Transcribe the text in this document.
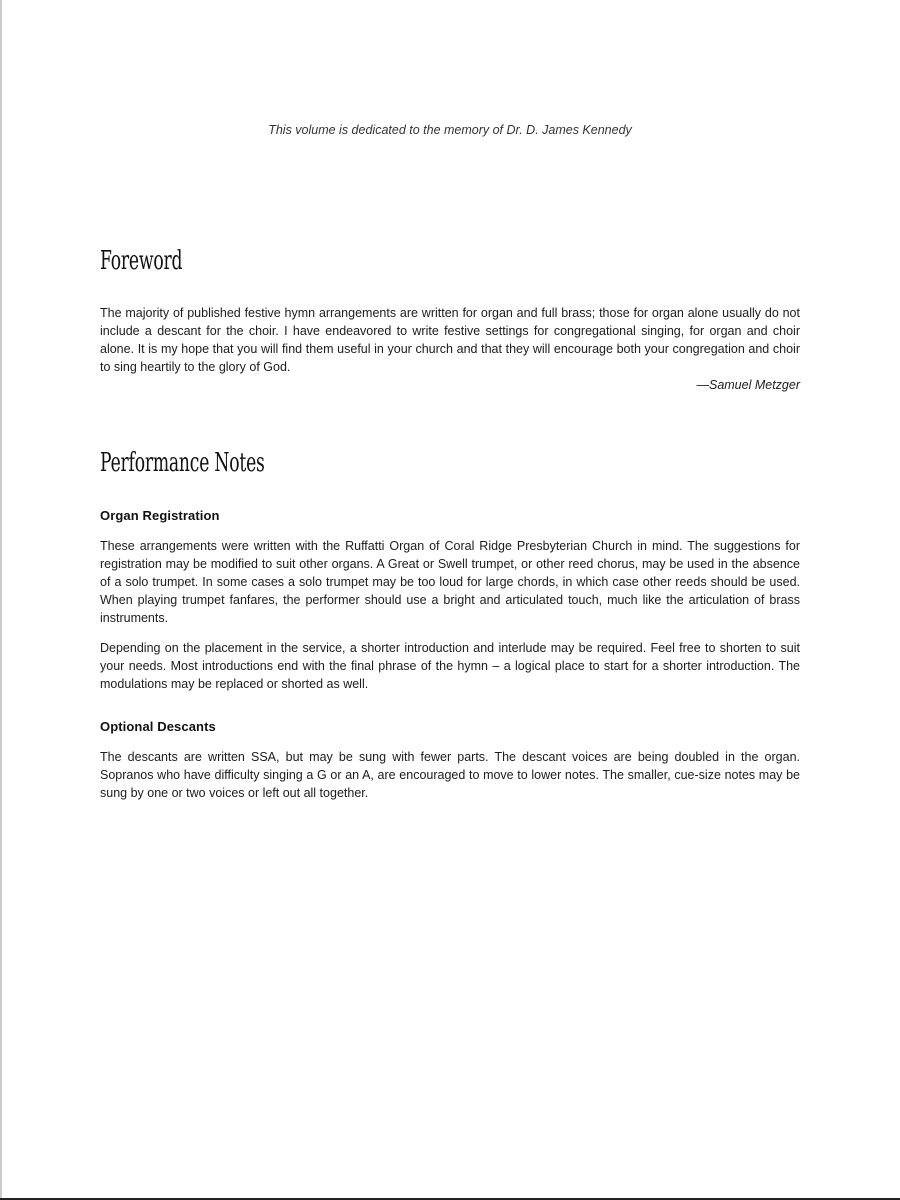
This volume is dedicated to the memory of Dr. D. James Kennedy
Foreword

The majority of published festive hymn arrangements are written for organ and full brass; those for organ alone usually do not include a descant for the choir. I have endeavored to write festive settings for congregational singing, for organ and choir alone. It is my hope that you will find them useful in your church and that they will encourage both your congregation and choir to sing heartily to the glory of God.

—Samuel Metzger

Performance Notes
Organ Registration

These arrangements were written with the Ruffatti Organ of Coral Ridge Presbyterian Church in mind. The suggestions for registration may be modified to suit other organs. A Great or Swell trumpet, or other reed chorus, may be used in the absence of a solo trumpet. In some cases a solo trumpet may be too loud for large chords, in which case other reeds should be used. When playing trumpet fanfares, the performer should use a bright and articulated touch, much like the articulation of brass instruments.

Depending on the placement in the service, a shorter introduction and interlude may be required. Feel free to shorten to suit your needs. Most introductions end with the final phrase of the hymn – a logical place to start for a shorter introduction. The modulations may be replaced or shorted as well.

Optional Descants

The descants are written SSA, but may be sung with fewer parts. The descant voices are being doubled in the organ. Sopranos who have difficulty singing a G or an A, are encouraged to move to lower notes. The smaller, cue-size notes may be sung by one or two voices or left out all together.
